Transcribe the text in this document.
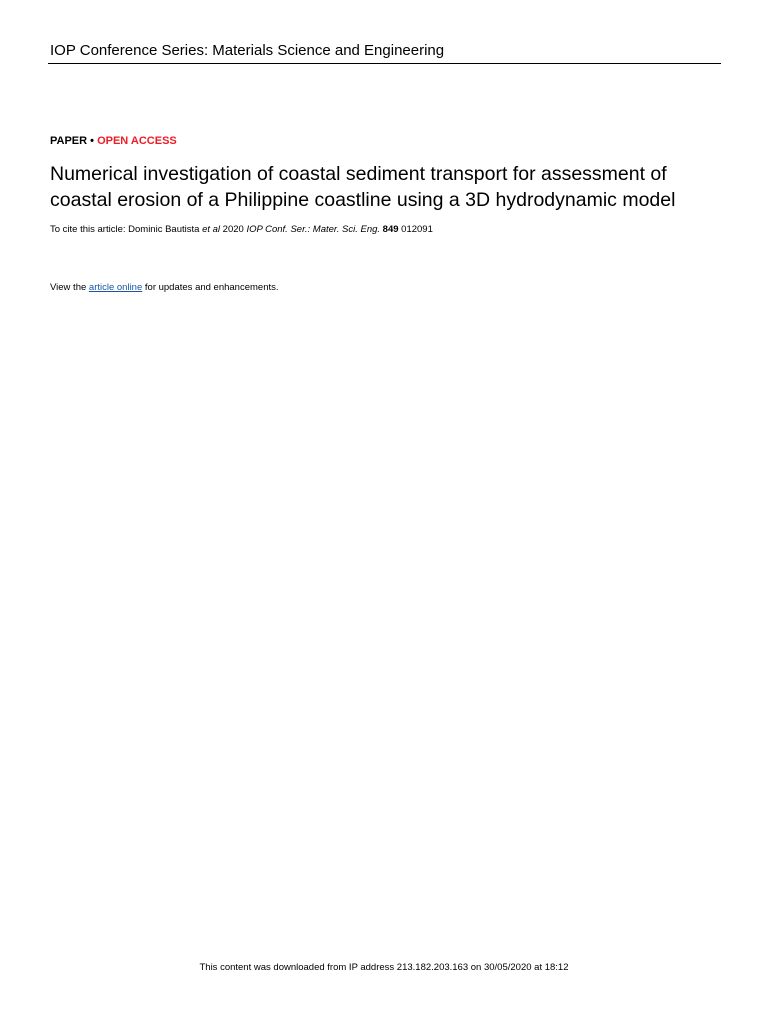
IOP Conference Series: Materials Science and Engineering
PAPER • OPEN ACCESS
Numerical investigation of coastal sediment transport for assessment of
coastal erosion of a Philippine coastline using a 3D hydrodynamic model
To cite this article: Dominic Bautista et al 2020 IOP Conf. Ser.: Mater. Sci. Eng. 849 012091
View the article online for updates and enhancements.
This content was downloaded from IP address 213.182.203.163 on 30/05/2020 at 18:12
